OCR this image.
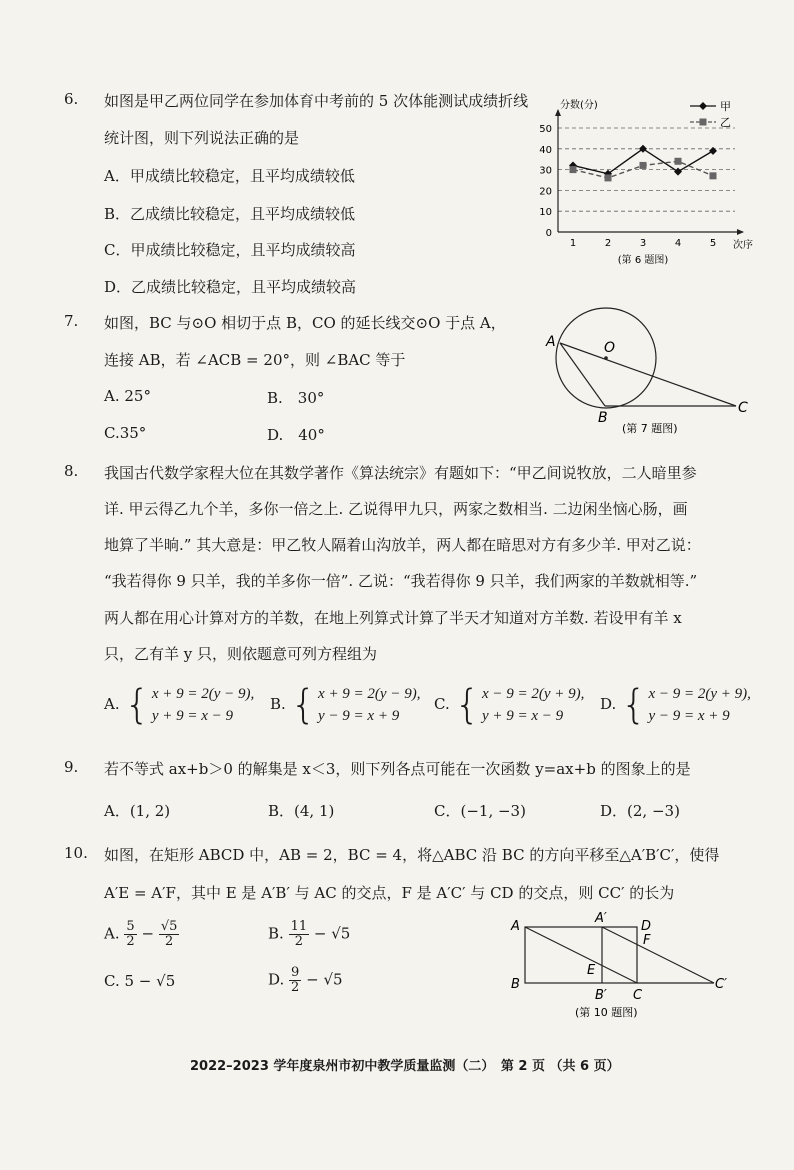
6. 如图是甲乙两位同学在参加体育中考前的 5 次体能测试成绩折线
统计图，则下列说法正确的是
A．甲成绩比较稳定，且平均成绩较低
B．乙成绩比较稳定，且平均成绩较低
C．甲成绩比较稳定，且平均成绩较高
D．乙成绩比较稳定，且平均成绩较高
0
10
20
30
40
50
分数(分)
次序
1	2	3	4	5
(第 6 题图)
甲
乙
7. 如图，BC 与⊙O 相切于点 B，CO 的延长线交⊙O 于点 A，
连接 AB，若 ∠ACB = 20°，则 ∠BAC 等于
A. 25°	B.　30°
C.35°	D.　40°
A	O
B
C
(第 7 题图)
8. 我国古代数学家程大位在其数学著作《算法统宗》有题如下：“甲乙间说牧放，二人暗里参
详. 甲云得乙九个羊，多你一倍之上. 乙说得甲九只，两家之数相当. 二边闲坐恼心肠，画
地算了半晌.” 其大意是：甲乙牧人隔着山沟放羊，两人都在暗思对方有多少羊. 甲对乙说：
“我若得你 9 只羊，我的羊多你一倍”. 乙说：“我若得你 9 只羊，我们两家的羊数就相等.”
两人都在用心计算对方的羊数，在地上列算式计算了半天才知道对方羊数. 若设甲有羊 x
只，乙有羊 y 只，则依题意可列方程组为
A. { x + 9 = 2(y − 9),
y + 9 = x − 9
B. { x + 9 = 2(y − 9),
y − 9 = x + 9
C. { x − 9 = 2(y + 9),
y + 9 = x − 9
D. { x − 9 = 2(y + 9),
y − 9 = x + 9
9. 若不等式 ax+b＞0 的解集是 x＜3，则下列各点可能在一次函数 y=ax+b 的图象上的是
A．(1, 2)	B．(4, 1)	C．(−1, −3)	D．(2, −3)
10. 如图，在矩形 ABCD 中，AB = 2，BC = 4，将△ABC 沿 BC 的方向平移至△A′B′C′，使得
A′E = A′F，其中 E 是 A′B′ 与 AC 的交点，F 是 A′C′ 与 CD 的交点，则 CC′ 的长为
A. $\frac{5}{2} - \frac{√5}{2}$	B. $\frac{11}{2} - √5$
C. 5 − √5	D. $\frac{9}{2} - √5$
A
A′
D
F
E
B
B′ C
C′
(第 10 题图)
2022–2023 学年度泉州市初中教学质量监测（二）　第 2 页 （共 6 页）
